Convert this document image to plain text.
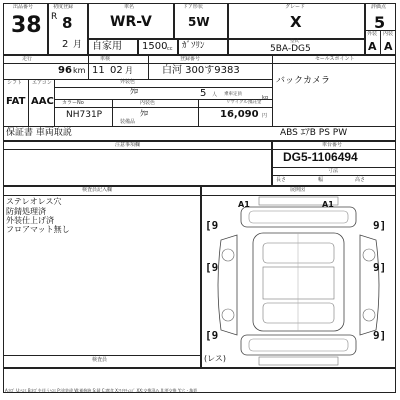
出品番号
38
初度登録
R 8
2 月
車名
WR-V
ドア形状
5W
グレード
X
評価点
5
自家用 1500 cc ｶﾞｿﾘﾝ	型式
5BA-DG5
外装 内装
A A
走行	車検	登録番号	セールスポイント
96 km 11 02 月	白河 300す9383
バックカメラ
シフト エアコン
FAT AAC
外装色
ｸﾛ	乗車定員
5 人	kg
カラーNo	内装色	リサイクル預託金
NH731P	ｸﾛ	16,090 円
装備品
保証書 車両取説	ABS ｴｱB PS PW
注意事項欄	車台番号
DG5-1106494
寸法
長さ	幅	高さ
検査員記入欄
ステレオレス穴
防錆処理済
外装仕上げ済
フロアマット無し
検査員
展開図
A1	A1
[9
[9
[9
9]
9]
9]
(レス)
A:ｷｽﾞ U:ﾍｺﾐ B:ｷｽﾞを伴うﾍｺﾐ P:塗装違 W:補修跡 S:錆 C:腐食 X:ﾜｲﾔﾁｪﾝｼﾞ XX:交換済み X:要交換 Y:穴・亀裂
